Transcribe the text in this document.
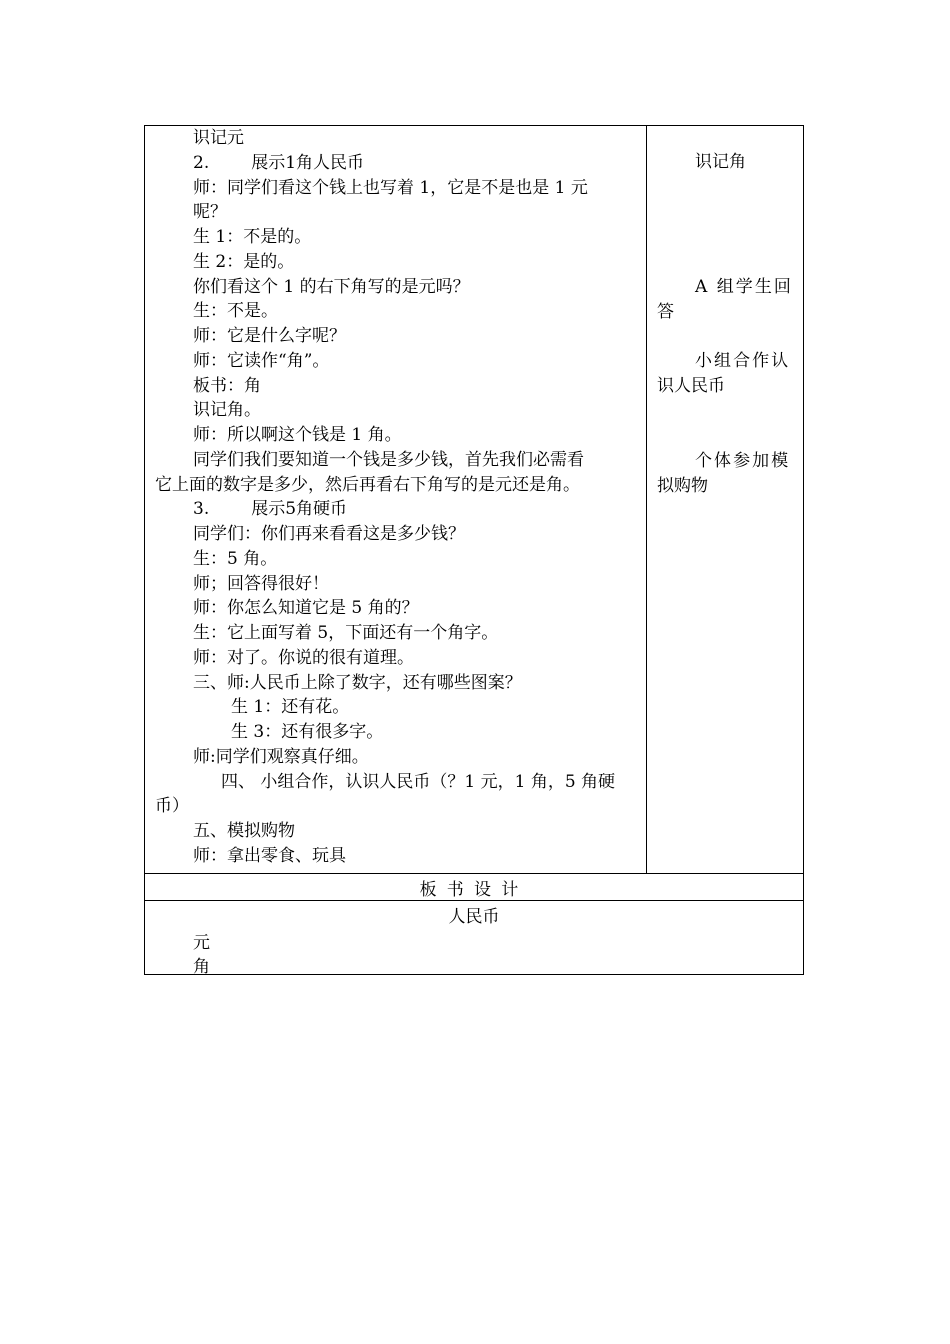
识记元
2. 展示1角人民币
师：同学们看这个钱上也写着 1，它是不是也是 1 元
呢？
生 1：不是的。
生 2：是的。
你们看这个 1 的右下角写的是元吗？
生：不是。
师：它是什么字呢？
师：它读作“角”。
板书：角
识记角。
师：所以啊这个钱是 1 角。
同学们我们要知道一个钱是多少钱，首先我们必需看
它上面的数字是多少，然后再看右下角写的是元还是角。
3. 展示5角硬币
同学们：你们再来看看这是多少钱？
生：5 角。
师；回答得很好！
师：你怎么知道它是 5 角的？
生：它上面写着 5，下面还有一个角字。
师：对了。你说的很有道理。
三、师:人民币上除了数字，还有哪些图案？
生 1：还有花。
生 3：还有很多字。
师:同学们观察真仔细。
四、 小组合作，认识人民币（？1 元，1 角，5 角硬
币）
五、模拟购物
师：拿出零食、玩具
识记角
A 组学生回
答
小组合作认
识人民币
个体参加模
拟购物
板书设计
人民币
元
角
